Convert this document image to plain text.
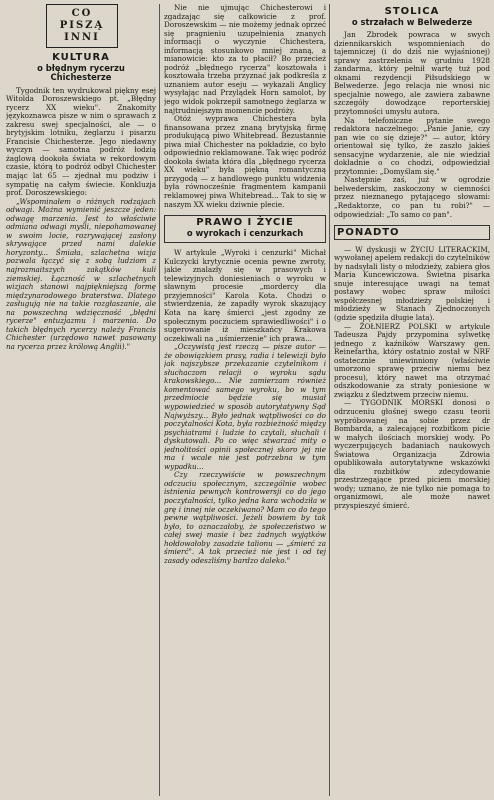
CO
PISZĄ
INNI
KULTURA
o błędnym rycerzu Chichesterze

Tygodnik ten wydrukował piękny esej Witolda Doroszewskiego pt. „Błędny rycerz XX wieku". Znakomity językoznawca pisze w nim o sprawach z zakresu swej specjalności, ale — o brytyjskim lotniku, żeglarzu i pisarzu Francisie Chichesterze. Jego niedawny wyczyn — samotna podróż łodzią żaglową dookoła świata w rekordowym czasie, którą to podróż odbył Chichester mając lat 65 — zjednał mu podziw i sympatię na całym świecie. Konkluzja prof. Doroszewskiego:

„Wspominałem o różnych rodzajach odwagi. Można wymienić jeszcze jeden: odwagę marzenia. Jest to właściwie odmiana odwagi myśli, niepohamowanej w swoim locie, rozrywającej zasłony skrywające przed nami dalekie horyzonty... Śmiała, szlachetna wizja pozwala łączyć się z sobą ludziom z najrozmaitszych zakątków kuli ziemskiej. Łączność w szlachetnych wizjach stanowi najpiękniejszą formę międzynarodowego braterstwa. Dlatego zasługują nie na takie rozgłaszanie, ale na powszechną wdzięczność „błędni rycerze" entuzjazmu i marzenia. Do takich błędnych rycerzy należy Francis Chichester (urzędowo nawet pasowany na rycerza przez królową Anglii)."

Nie nie ujmując Chichesterowi i zgadzając się całkowicie z prof. Doroszewskim — nie możemy jednak oprzeć się pragnieniu uzupełnienia znanych informacji o wyczynie Chichestera, informacją stosunkowo mniej znaną, a mianowicie: kto za to płacił? Bo przecież podróż „błędnego rycerza" kosztowała i kosztowała trzeba przyznać jak podkreśla z uznaniem autor eseju — wykazali Anglicy wysyłając nad Przylądek Horn samolot, by jego widok pokrzepił samotnego żeglarza w najtrudniejszym momencie podróży.

Otóż wyprawa Chichestera była finansowana przez znaną brytyjską firmę produkującą piwo Whitebread. Bezustannie piwa miał Chichester na pokładzie, co było odpowiednio reklamowane. Tak więc podróż dookoła świata która dla „błędnego rycerza XX wieku" była piękną romantyczną przygodą — z handlowego punktu widzenia była równocześnie fragmentem kampanii reklamowej piwa Whitebread... Tak to się w naszym XX wieku dziwnie plecie.

PRAWO I ŻYCIE
o wyrokach i cenzurkach

W artykule „Wyroki i cenzurki" Michał Kulczycki krytycznie ocenia pewne zwroty, jakie znalazły się w prasowych i telewizyjnych doniesieniach o wyroku w sławnym procesie „mordercy dla przyjemności" Karola Kota. Chodzi o stwierdzenia, że zapadły wyrok skazujący Kota na karę śmierci „jest zgodny ze społecznym poczuciem sprawiedliwości" i o sugerowanie iż mieszkańcy Krakowa oczekiwali na „uśmierzenie" ich prawa...

„Oczywistą jest rzeczą — pisze autor — że obowiązkiem prasy, radia i telewizji było jak najszybsze przekazanie czytelnikom i słuchaczom relacji o wyroku sądu krakowskiego... Nie zamierzam również komentować samego wyroku, bo w tym przedmiocie będzie się musiał wypowiedzieć w sposób autorytatywny Sąd Najwyższy... Było jednak wątpliwości co do poczytalności Kota, była rozbieżność między psychiatrami i ludzie to czytali, słuchali i dyskutowali. Po co więc stwarzać mity o jednolitości opinii społecznej skoro jej nie ma i wcale nie jest potrzebna w tym wypadku...

Czy rzeczywiście w powszechnym odczuciu społecznym, szczególnie wobec istnienia pewnych kontrowersji co do jego poczytalności, tylko jedna kara wchodziła w grę i innej nie oczekiwano? Mam co do tego pewne wątpliwości. Jeżeli bowiem by tak było, to oznaczałoby, że społeczeństwo w całej swej masie i bez żadnych wyjątków hołdowałoby zasadzie talionu — „śmierć za śmierć". A tak przecież nie jest i od tej zasady odeszliśmy bardzo daleko."

STOLICA
o strzałach w Belwederze

Jan Zbrodek powraca w swych dziennikarskich wspomnieniach do tajemniczej (i do dziś nie wyjaśnionej) sprawy zastrzelenia w grudniu 1928 żandarma, który pełnił wartę tuż pod oknami rezydencji Piłsudskiego w Belwederze. Jego relacja nie wnosi nic specjalnie nowego, ale zawiera zabawne szczegóły dowodzące reporterskiej przytomności umysłu autora.

Na telefoniczne pytanie swego redaktora naczelnego: „Panie Janie, czy pan wie co się dzieje?" — autor, który orientował się tylko, że zaszło jakieś sensacyjne wydarzenie, ale nie wiedział dokładnie o co chodzi, odpowiedział przytomnie: „Domyślam się."

Następnie zaś, już w ogrodzie belwederskim, zaskoczony w ciemności przez nieznanego pytającego słowami: „Redaktorze, co pan tu robi?" — odpowiedział: „To samo co pan".

PONADTO

— W dyskusji w ŻYCIU LITERACKIM, wywołanej apelem redakcji do czytelników by nadsyłali listy o młodzieży, zabiera głos Maria Kuncewiczowa. Świetna pisarka snuje interesujące uwagi na temat postawy wobec spraw miłości współczesnej młodzieży polskiej i młodzieży w Stanach Zjednoczonych (gdzie spędziła długie lata).

— ŻOŁNIERZ POLSKI w artykule Tadeusza Pajdy przypomina sylwetkę jednego z kaźników Warszawy gen. Reinefartha, który ostatnio został w NRF ostatecznie uniewinniony (właściwie umorzono sprawę przeciw niemu bez procesu), który nawet ma otrzymać odszkodowanie za straty poniesione w związku z śledztwem przeciw niemu.

— TYGODNIK MORSKI donosi o odrzuceniu głośnej swego czasu teorii wypróbowanej na sobie przez dr Bombarda, a zalecającej rozbitkom picie w małych ilościach morskiej wody. Po wyczerpujących badaniach naukowych Światowa Organizacja Zdrowia opublikowała autorytatywne wskazówki dla rozbitków zdecydowanie przestrzegające przed piciem morskiej wody; uznano, że nie tylko nie pomaga to organizmowi, ale może nawet przyspieszyć śmierć.
